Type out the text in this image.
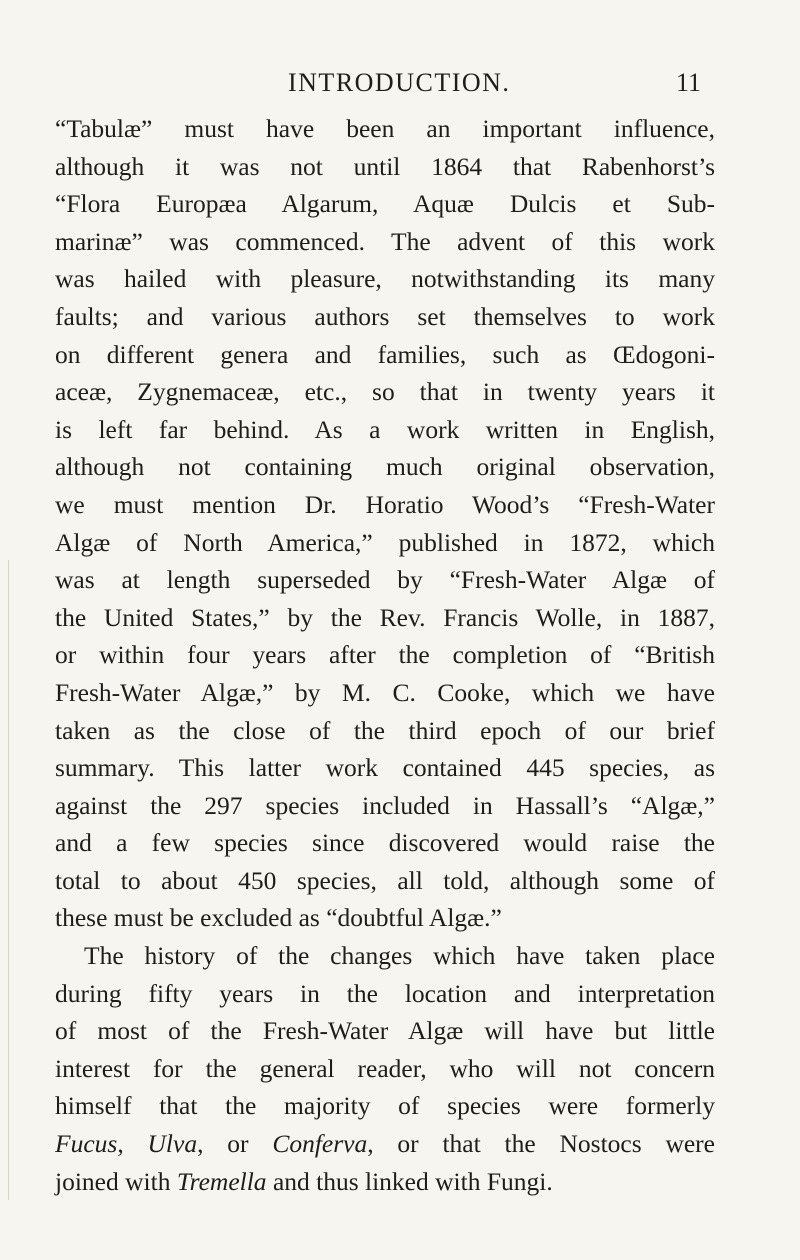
INTRODUCTION.	11
“Tabulæ” must have been an important influence,
although it was not until 1864 that Rabenhorst’s
“Flora Europæa Algarum, Aquæ Dulcis et Sub-
marinæ” was commenced. The advent of this work
was hailed with pleasure, notwithstanding its many
faults; and various authors set themselves to work
on different genera and families, such as Œdogoni-
aceæ, Zygnemaceæ, etc., so that in twenty years it
is left far behind. As a work written in English,
although not containing much original observation,
we must mention Dr. Horatio Wood’s “Fresh-Water
Algæ of North America,” published in 1872, which
was at length superseded by “Fresh-Water Algæ of
the United States,” by the Rev. Francis Wolle, in 1887,
or within four years after the completion of “British
Fresh-Water Algæ,” by M. C. Cooke, which we have
taken as the close of the third epoch of our brief
summary. This latter work contained 445 species, as
against the 297 species included in Hassall’s “Algæ,”
and a few species since discovered would raise the
total to about 450 species, all told, although some of
these must be excluded as “doubtful Algæ.”
The history of the changes which have taken place
during fifty years in the location and interpretation
of most of the Fresh-Water Algæ will have but little
interest for the general reader, who will not concern
himself that the majority of species were formerly
Fucus, Ulva, or Conferva, or that the Nostocs were
joined with Tremella and thus linked with Fungi.
